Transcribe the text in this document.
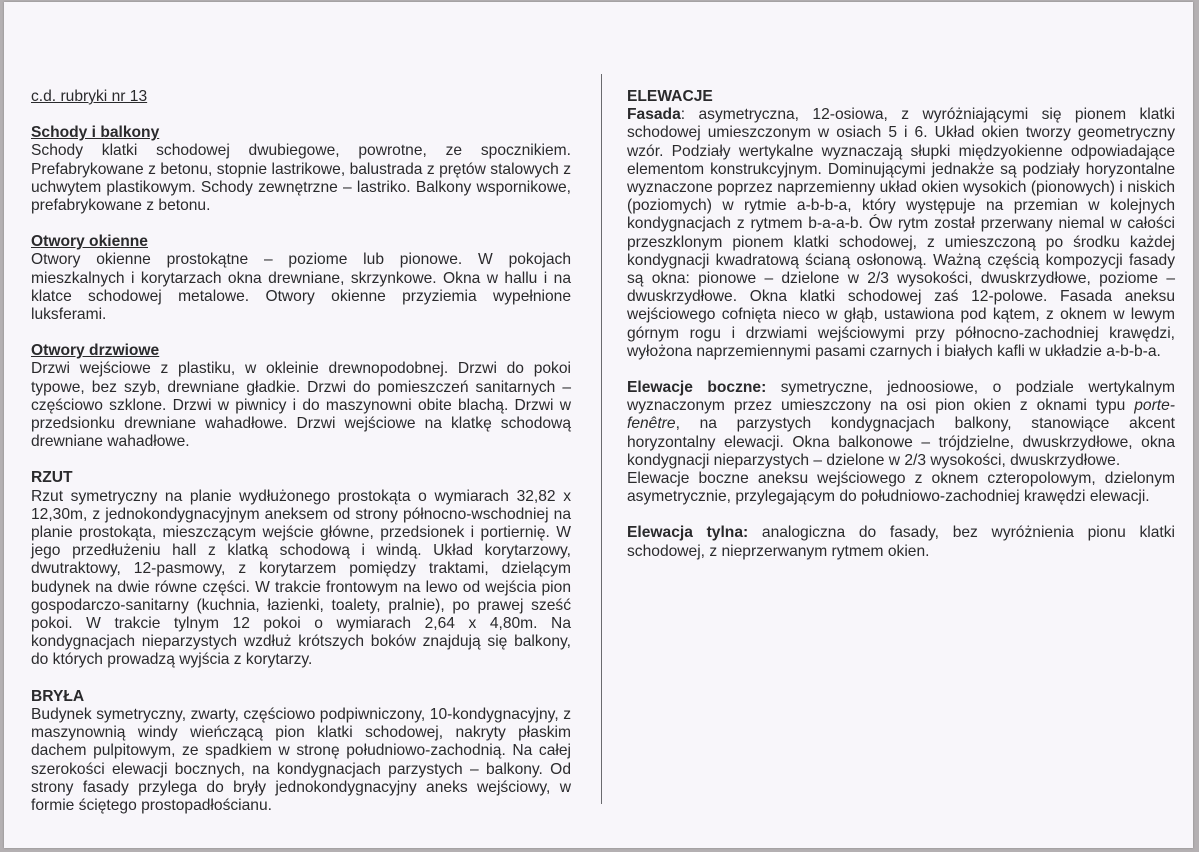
c.d. rubryki nr 13

Schody i balkony

Schody klatki schodowej dwubiegowe, powrotne, ze spocznikiem. Prefabrykowane z betonu, stopnie lastrikowe, balustrada z prętów stalowych z uchwytem plastikowym. Schody zewnętrzne – lastriko. Balkony wspornikowe, prefabrykowane z betonu.

Otwory okienne

Otwory okienne prostokątne – poziome lub pionowe. W pokojach mieszkalnych i korytarzach okna drewniane, skrzynkowe. Okna w hallu i na klatce schodowej metalowe. Otwory okienne przyziemia wypełnione luksferami.

Otwory drzwiowe

Drzwi wejściowe z plastiku, w okleinie drewnopodobnej. Drzwi do pokoi typowe, bez szyb, drewniane gładkie. Drzwi do pomieszczeń sanitarnych – częściowo szklone. Drzwi w piwnicy i do maszynowni obite blachą. Drzwi w przedsionku drewniane wahadłowe. Drzwi wejściowe na klatkę schodową drewniane wahadłowe.

RZUT

Rzut symetryczny na planie wydłużonego prostokąta o wymiarach 32,82 x 12,30m, z jednokondygnacyjnym aneksem od strony północno-wschodniej na planie prostokąta, mieszczącym wejście główne, przedsionek i portiernię. W jego przedłużeniu hall z klatką schodową i windą. Układ korytarzowy, dwutraktowy, 12-pasmowy, z korytarzem pomiędzy traktami, dzielącym budynek na dwie równe części. W trakcie frontowym na lewo od wejścia pion gospodarczo-sanitarny (kuchnia, łazienki, toalety, pralnie), po prawej sześć pokoi. W trakcie tylnym 12 pokoi o wymiarach 2,64 x 4,80m. Na kondygnacjach nieparzystych wzdłuż krótszych boków znajdują się balkony, do których prowadzą wyjścia z korytarzy.

BRYŁA

Budynek symetryczny, zwarty, częściowo podpiwniczony, 10-kondygnacyjny, z maszynownią windy wieńczącą pion klatki schodowej, nakryty płaskim dachem pulpitowym, ze spadkiem w stronę południowo-zachodnią. Na całej szerokości elewacji bocznych, na kondygnacjach parzystych – balkony. Od strony fasady przylega do bryły jednokondygnacyjny aneks wejściowy, w formie ściętego prostopadłościanu.

ELEWACJE

Fasada: asymetryczna, 12-osiowa, z wyróżniającymi się pionem klatki schodowej umieszczonym w osiach 5 i 6. Układ okien tworzy geometryczny wzór. Podziały wertykalne wyznaczają słupki międzyokienne odpowiadające elementom konstrukcyjnym. Dominującymi jednakże są podziały horyzontalne wyznaczone poprzez naprzemienny układ okien wysokich (pionowych) i niskich (poziomych) w rytmie a-b-b-a, który występuje na przemian w kolejnych kondygnacjach z rytmem b-a-a-b. Ów rytm został przerwany niemal w całości przeszklonym pionem klatki schodowej, z umieszczoną po środku każdej kondygnacji kwadratową ścianą osłonową. Ważną częścią kompozycji fasady są okna: pionowe – dzielone w 2/3 wysokości, dwuskrzydłowe, poziome – dwuskrzydłowe. Okna klatki schodowej zaś 12-polowe. Fasada aneksu wejściowego cofnięta nieco w głąb, ustawiona pod kątem, z oknem w lewym górnym rogu i drzwiami wejściowymi przy północno-zachodniej krawędzi, wyłożona naprzemiennymi pasami czarnych i białych kafli w układzie a-b-b-a.

Elewacje boczne: symetryczne, jednoosiowe, o podziale wertykalnym wyznaczonym przez umieszczony na osi pion okien z oknami typu porte-fenêtre, na parzystych kondygnacjach balkony, stanowiące akcent horyzontalny elewacji. Okna balkonowe – trójdzielne, dwuskrzydłowe, okna kondygnacji nieparzystych – dzielone w 2/3 wysokości, dwuskrzydłowe.

Elewacje boczne aneksu wejściowego z oknem czteropolowym, dzielonym asymetrycznie, przylegającym do południowo-zachodniej krawędzi elewacji.

Elewacja tylna: analogiczna do fasady, bez wyróżnienia pionu klatki schodowej, z nieprzerwanym rytmem okien.
